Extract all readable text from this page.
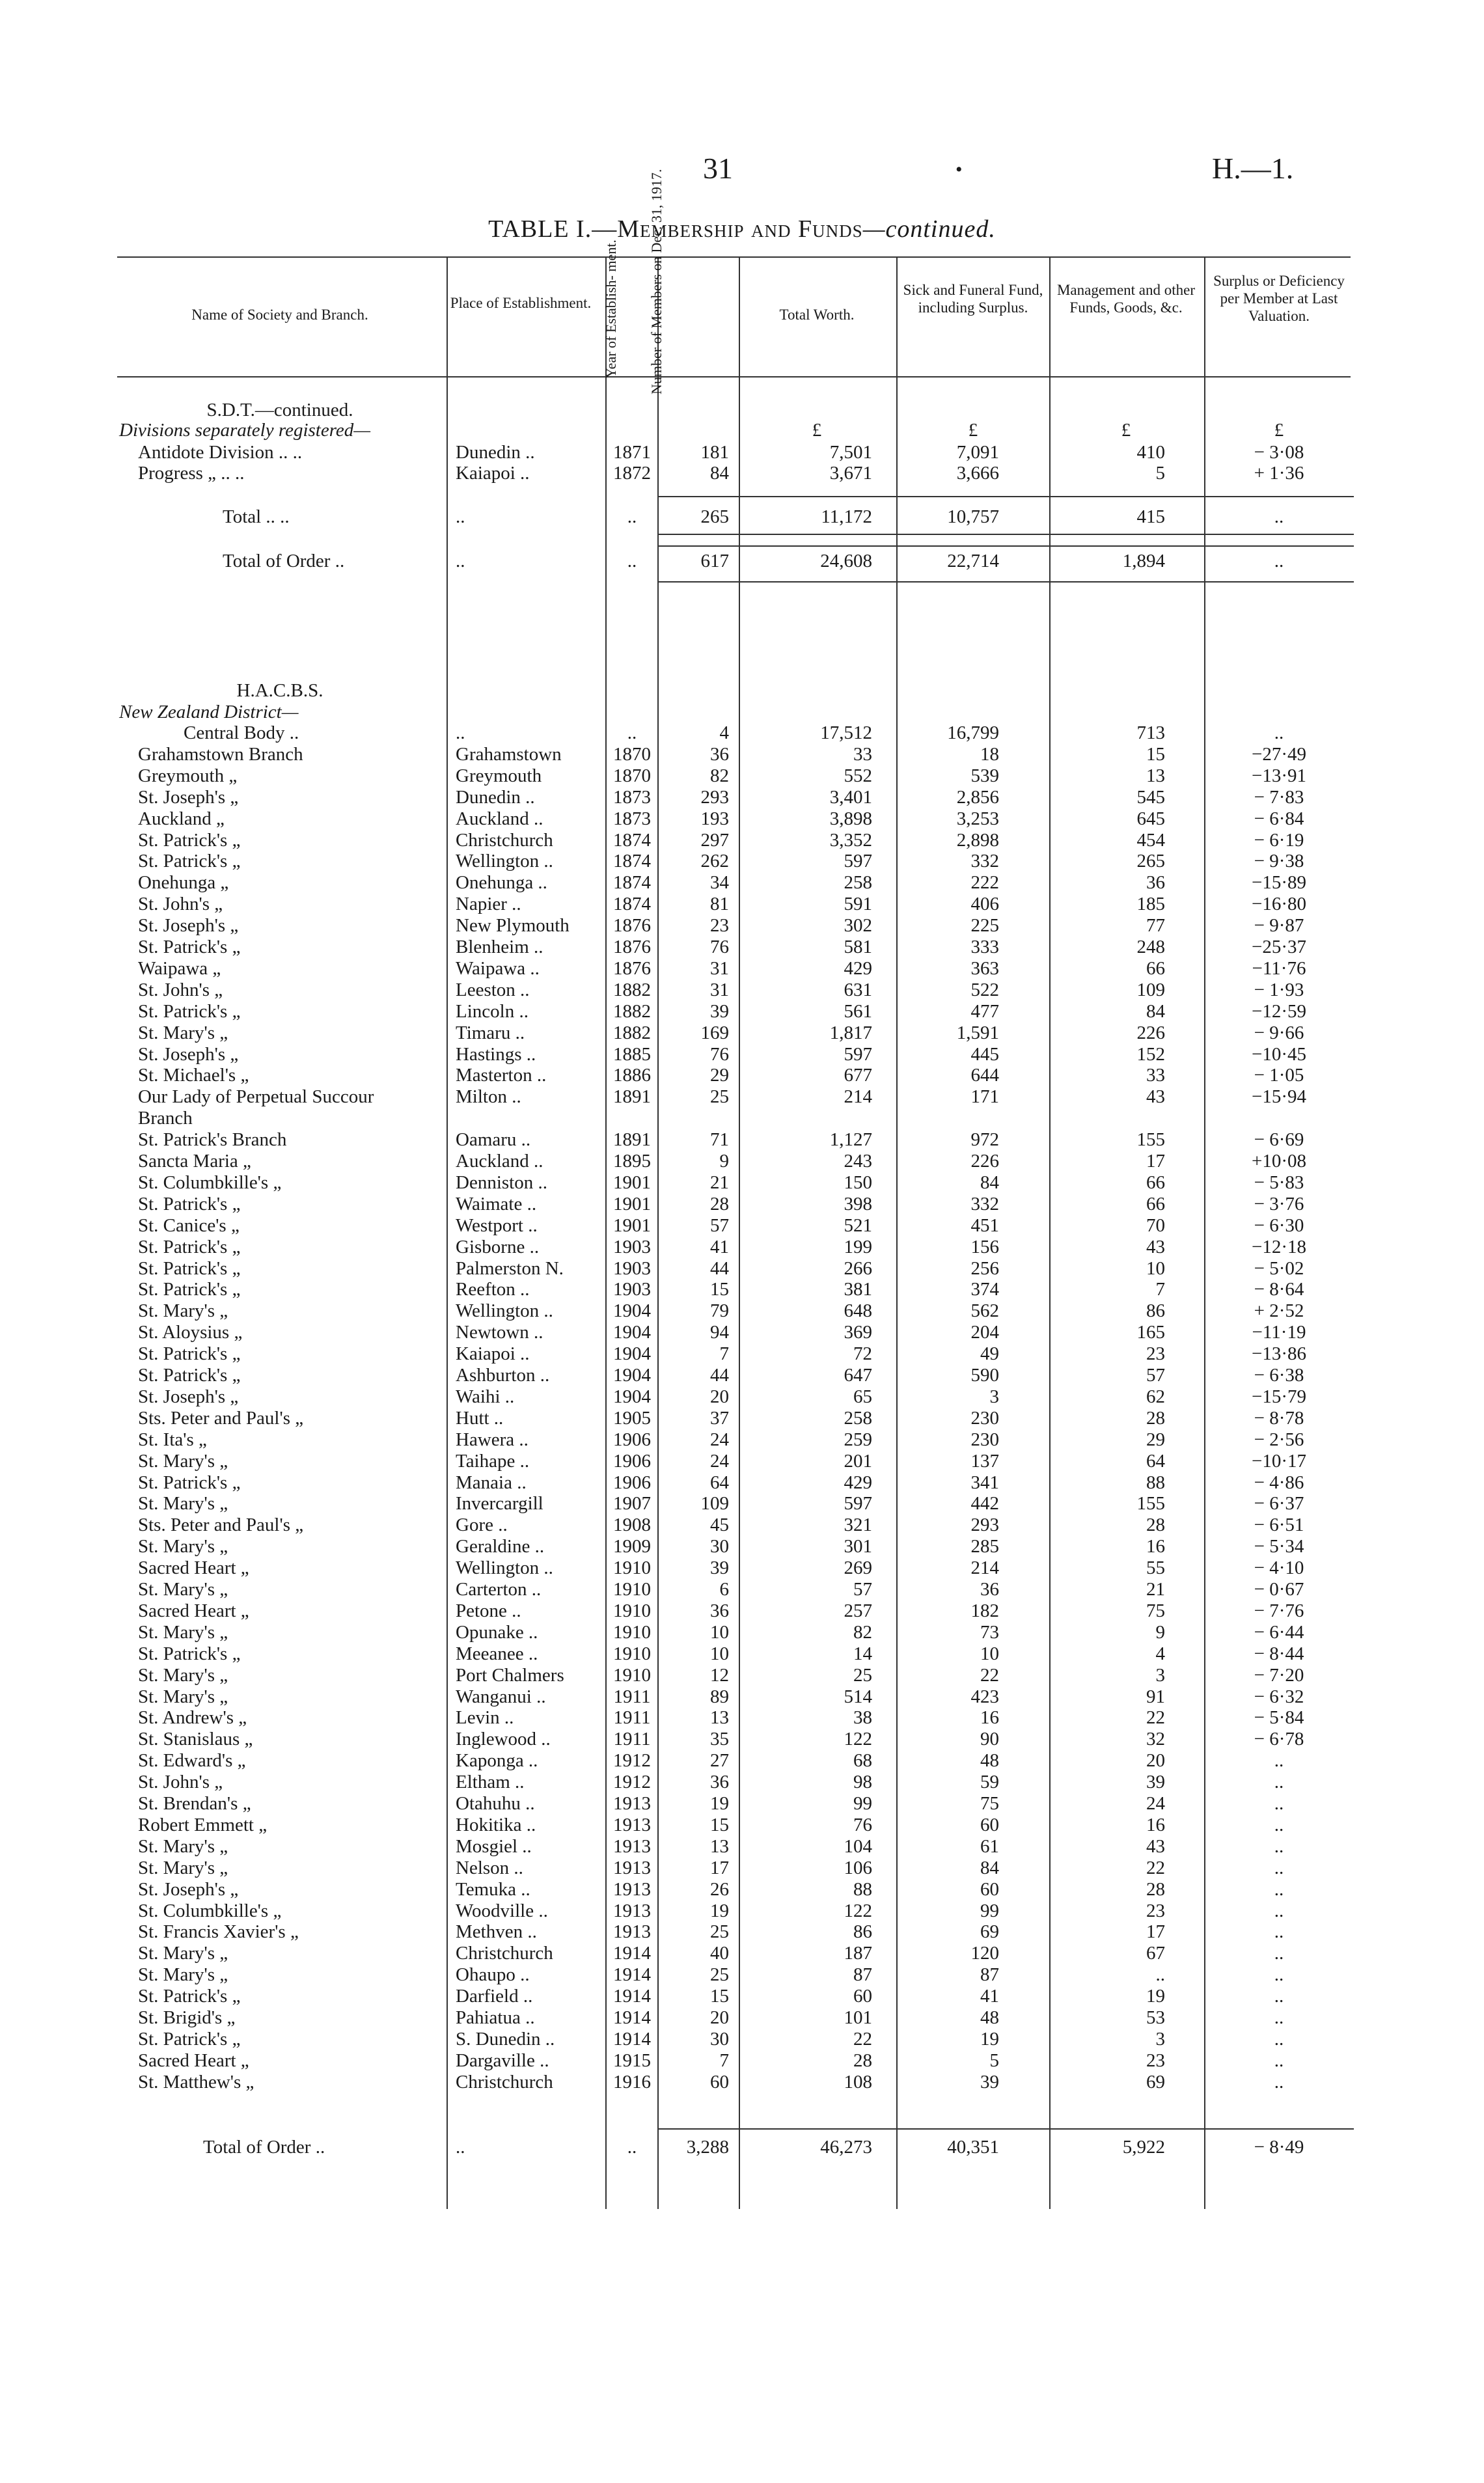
31	•	H.—1.
TABLE I.—Membership and Funds—continued.
Name of Society and Branch.
Place of Establishment. Year of Establish- ment.	Number of Members on Dec. 31, 1917.	Total Worth.
Sick and Funeral Fund, including Surplus.
Management and other Funds, Goods, &c.
Surplus or Deficiency per Member at Last Valuation.
S.D.T.—continued.
Divisions separately registered—	£	£	£	£
Antidote Division .. ..	Dunedin ..	1871	181	7,501	7,091	410	− 3·08
Progress „ .. ..	Kaiapoi ..	1872	84	3,671	3,666	5	+ 1·36
Total .. ..	..	..	265	11,172	10,757	415	..
Total of Order ..	..	..	617	24,608	22,714	1,894	..
H.A.C.B.S.
New Zealand District—
Central Body ..	..	..	4	17,512	16,799	713	..
Grahamstown Branch	Grahamstown	1870	36	33	18	15	−27·49
Greymouth „	Greymouth	1870	82	552	539	13	−13·91
St. Joseph's „	Dunedin ..	1873	293	3,401	2,856	545	− 7·83
Auckland „	Auckland ..	1873	193	3,898	3,253	645	− 6·84
St. Patrick's „	Christchurch	1874	297	3,352	2,898	454	− 6·19
St. Patrick's „	Wellington ..	1874	262	597	332	265	− 9·38
Onehunga „	Onehunga ..	1874	34	258	222	36	−15·89
St. John's „	Napier ..	1874	81	591	406	185	−16·80
St. Joseph's „	New Plymouth	1876	23	302	225	77	− 9·87
St. Patrick's „	Blenheim ..	1876	76	581	333	248	−25·37
Waipawa „	Waipawa ..	1876	31	429	363	66	−11·76
St. John's „	Leeston ..	1882	31	631	522	109	− 1·93
St. Patrick's „	Lincoln ..	1882	39	561	477	84	−12·59
St. Mary's „	Timaru ..	1882	169	1,817	1,591	226	− 9·66
St. Joseph's „	Hastings ..	1885	76	597	445	152	−10·45
St. Michael's „	Masterton ..	1886	29	677	644	33	− 1·05
Our Lady of Perpetual Succour	Milton ..	1891	25	214	171	43	−15·94
Branch
St. Patrick's Branch	Oamaru ..	1891	71	1,127	972	155	− 6·69
Sancta Maria „	Auckland ..	1895	9	243	226	17	+10·08
St. Columbkille's „	Denniston ..	1901	21	150	84	66	− 5·83
St. Patrick's „	Waimate ..	1901	28	398	332	66	− 3·76
St. Canice's „	Westport ..	1901	57	521	451	70	− 6·30
St. Patrick's „	Gisborne ..	1903	41	199	156	43	−12·18
St. Patrick's „	Palmerston N.	1903	44	266	256	10	− 5·02
St. Patrick's „	Reefton ..	1903	15	381	374	7	− 8·64
St. Mary's „	Wellington ..	1904	79	648	562	86	+ 2·52
St. Aloysius „	Newtown ..	1904	94	369	204	165	−11·19
St. Patrick's „	Kaiapoi ..	1904	7	72	49	23	−13·86
St. Patrick's „	Ashburton ..	1904	44	647	590	57	− 6·38
St. Joseph's „	Waihi ..	1904	20	65	3	62	−15·79
Sts. Peter and Paul's „	Hutt ..	1905	37	258	230	28	− 8·78
St. Ita's „	Hawera ..	1906	24	259	230	29	− 2·56
St. Mary's „	Taihape ..	1906	24	201	137	64	−10·17
St. Patrick's „	Manaia ..	1906	64	429	341	88	− 4·86
St. Mary's „	Invercargill	1907	109	597	442	155	− 6·37
Sts. Peter and Paul's „	Gore ..	1908	45	321	293	28	− 6·51
St. Mary's „	Geraldine ..	1909	30	301	285	16	− 5·34
Sacred Heart „	Wellington ..	1910	39	269	214	55	− 4·10
St. Mary's „	Carterton ..	1910	6	57	36	21	− 0·67
Sacred Heart „	Petone ..	1910	36	257	182	75	− 7·76
St. Mary's „	Opunake ..	1910	10	82	73	9	− 6·44
St. Patrick's „	Meeanee ..	1910	10	14	10	4	− 8·44
St. Mary's „	Port Chalmers	1910	12	25	22	3	− 7·20
St. Mary's „	Wanganui ..	1911	89	514	423	91	− 6·32
St. Andrew's „	Levin ..	1911	13	38	16	22	− 5·84
St. Stanislaus „	Inglewood ..	1911	35	122	90	32	− 6·78
St. Edward's „	Kaponga ..	1912	27	68	48	20	..
St. John's „	Eltham ..	1912	36	98	59	39	..
St. Brendan's „	Otahuhu ..	1913	19	99	75	24	..
Robert Emmett „	Hokitika ..	1913	15	76	60	16	..
St. Mary's „	Mosgiel ..	1913	13	104	61	43	..
St. Mary's „	Nelson ..	1913	17	106	84	22	..
St. Joseph's „	Temuka ..	1913	26	88	60	28	..
St. Columbkille's „	Woodville ..	1913	19	122	99	23	..
St. Francis Xavier's „	Methven ..	1913	25	86	69	17	..
St. Mary's „	Christchurch	1914	40	187	120	67	..
St. Mary's „	Ohaupo ..	1914	25	87	87	..	..
St. Patrick's „	Darfield ..	1914	15	60	41	19	..
St. Brigid's „	Pahiatua ..	1914	20	101	48	53	..
St. Patrick's „	S. Dunedin ..	1914	30	22	19	3	..
Sacred Heart „	Dargaville ..	1915	7	28	5	23	..
St. Matthew's „	Christchurch	1916	60	108	39	69	..
Total of Order ..	..	..	3,288	46,273	40,351	5,922	− 8·49
